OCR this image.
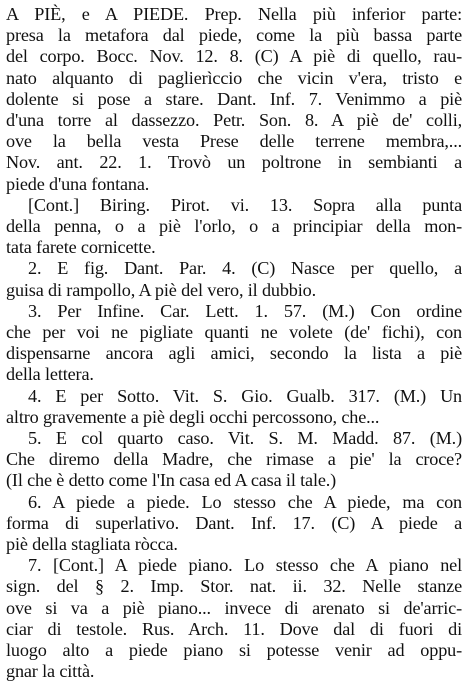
A PIÈ, e A PIEDE. Prep. Nella più inferior parte:
presa la metafora dal piede, come la più bassa parte
del corpo. Bocc. Nov. 12. 8. (C) A piè di quello, rau-
nato alquanto di paglierìccio che vicin v'era, tristo e
dolente si pose a stare. Dant. Inf. 7. Venimmo a piè
d'una torre al dassezzo. Petr. Son. 8. A piè de' colli,
ove la bella vesta Prese delle terrene membra,...
Nov. ant. 22. 1. Trovò un poltrone in sembianti a
piede d'una fontana.
[Cont.] Biring. Pirot. vi. 13. Sopra alla punta
della penna, o a piè l'orlo, o a principiar della mon-
tata farete cornicette.
2. E fig. Dant. Par. 4. (C) Nasce per quello, a
guisa di rampollo, A piè del vero, il dubbio.
3. Per Infine. Car. Lett. 1. 57. (M.) Con ordine
che per voi ne pigliate quanti ne volete (de' fichi), con
dispensarne ancora agli amici, secondo la lista a piè
della lettera.
4. E per Sotto. Vit. S. Gio. Gualb. 317. (M.) Un
altro gravemente a piè degli occhi percossono, che...
5. E col quarto caso. Vit. S. M. Madd. 87. (M.)
Che diremo della Madre, che rimase a pie' la croce?
(Il che è detto come l'In casa ed A casa il tale.)
6. A piede a piede. Lo stesso che A piede, ma con
forma di superlativo. Dant. Inf. 17. (C) A piede a
piè della stagliata ròcca.
7. [Cont.] A piede piano. Lo stesso che A piano nel
sign. del § 2. Imp. Stor. nat. ii. 32. Nelle stanze
ove si va a piè piano... invece di arenato si de'arric-
ciar di testole. Rus. Arch. 11. Dove dal di fuori di
luogo alto a piede piano si potesse venir ad oppu-
gnar la città.
